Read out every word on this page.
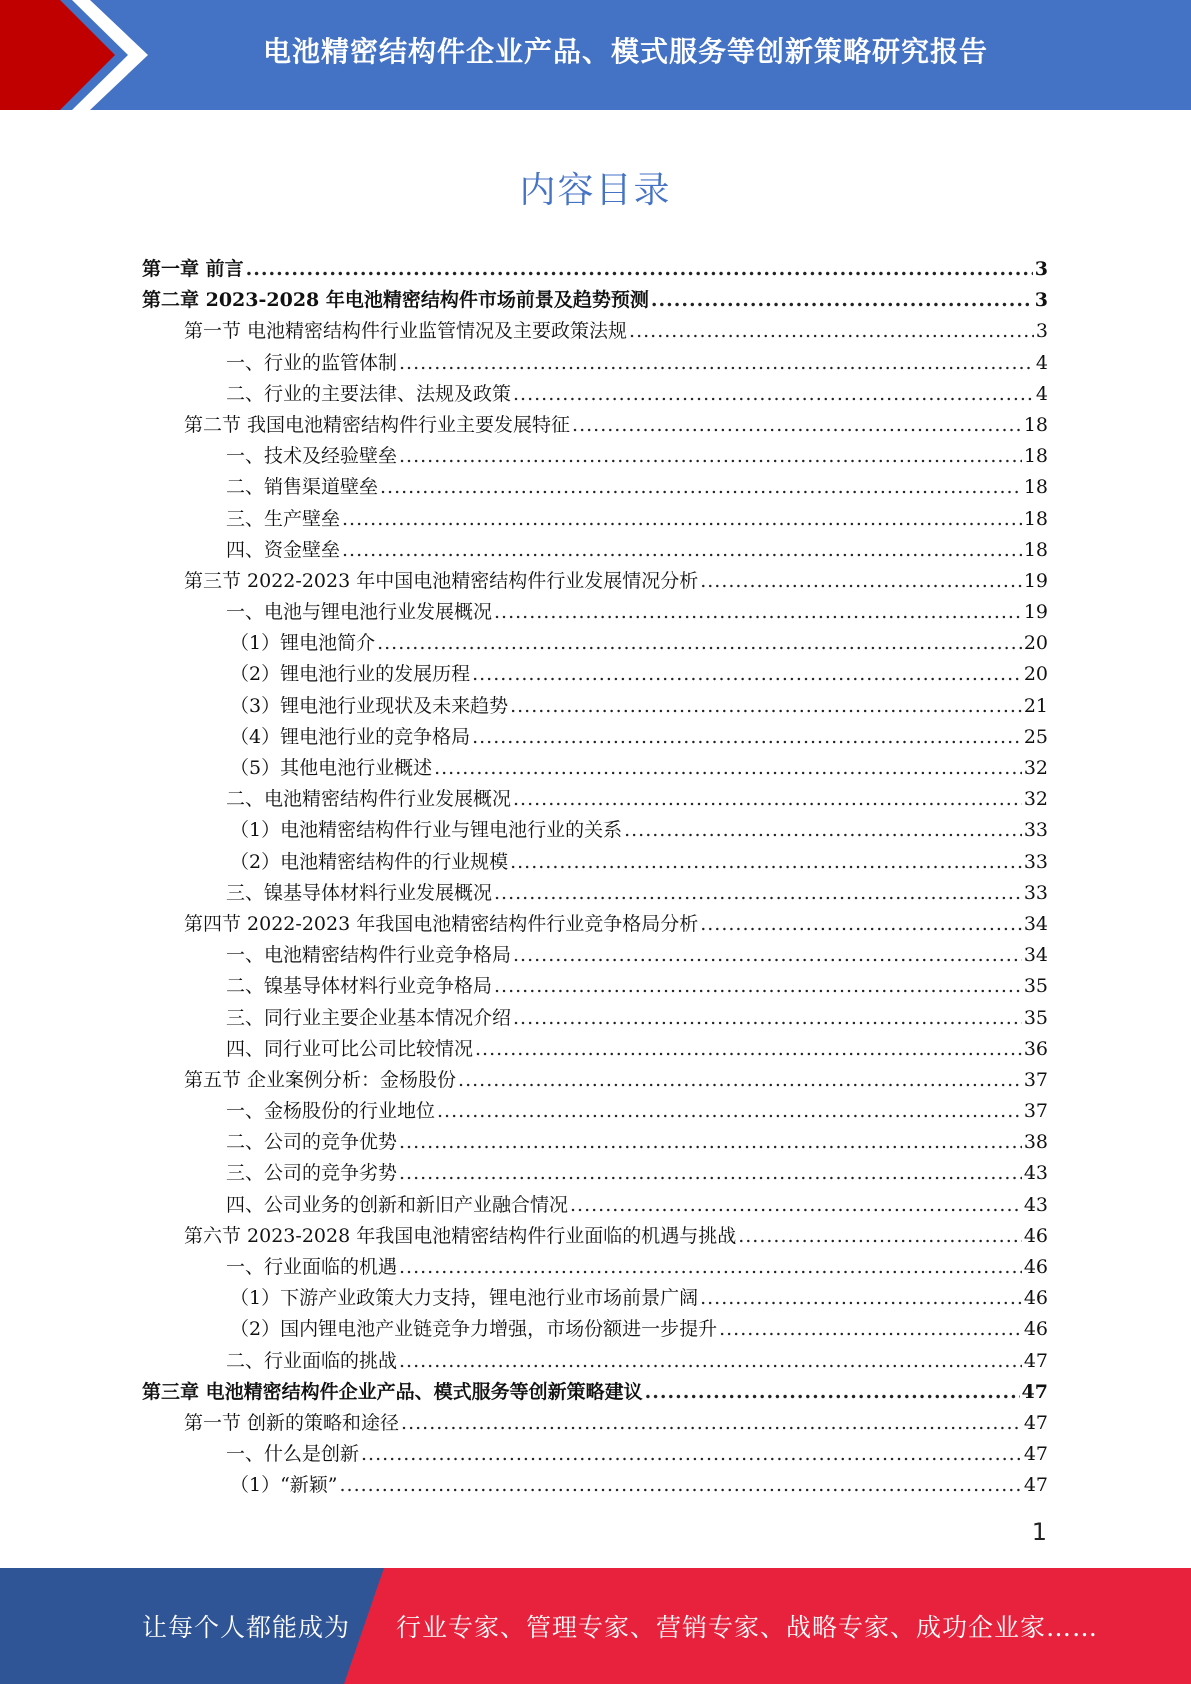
电池精密结构件企业产品、模式服务等创新策略研究报告
内容目录
第一章 前言 .....	3
第二章 2023-2028 年电池精密结构件市场前景及趋势预测 .....	3
第一节 电池精密结构件行业监管情况及主要政策法规 .....	3
一、行业的监管体制 .....	4
二、行业的主要法律、法规及政策 .....	4
第二节 我国电池精密结构件行业主要发展特征 .....	18
一、技术及经验壁垒 .....	18
二、销售渠道壁垒 .....	18
三、生产壁垒 .....	18
四、资金壁垒 .....	18
第三节 2022-2023 年中国电池精密结构件行业发展情况分析 .....	19
一、电池与锂电池行业发展概况 .....	19
（1）锂电池简介 .....	20
（2）锂电池行业的发展历程 .....	20
（3）锂电池行业现状及未来趋势 .....	21
（4）锂电池行业的竞争格局 .....	25
（5）其他电池行业概述 .....	32
二、电池精密结构件行业发展概况 .....	32
（1）电池精密结构件行业与锂电池行业的关系 .....	33
（2）电池精密结构件的行业规模 .....	33
三、镍基导体材料行业发展概况 .....	33
第四节 2022-2023 年我国电池精密结构件行业竞争格局分析 .....	34
一、电池精密结构件行业竞争格局 .....	34
二、镍基导体材料行业竞争格局 .....	35
三、同行业主要企业基本情况介绍 .....	35
四、同行业可比公司比较情况 .....	36
第五节 企业案例分析：金杨股份 .....	37
一、金杨股份的行业地位 .....	37
二、公司的竞争优势 .....	38
三、公司的竞争劣势 .....	43
四、公司业务的创新和新旧产业融合情况 .....	43
第六节 2023-2028 年我国电池精密结构件行业面临的机遇与挑战 .....	46
一、行业面临的机遇 .....	46
（1）下游产业政策大力支持，锂电池行业市场前景广阔 .....	46
（2）国内锂电池产业链竞争力增强，市场份额进一步提升 .....	46
二、行业面临的挑战 .....	47
第三章 电池精密结构件企业产品、模式服务等创新策略建议 .....	47
第一节 创新的策略和途径 .....	47
一、什么是创新 .....	47
（1）“新颖” .....	47
1
让每个人都能成为 行业专家、管理专家、营销专家、战略专家、成功企业家……
